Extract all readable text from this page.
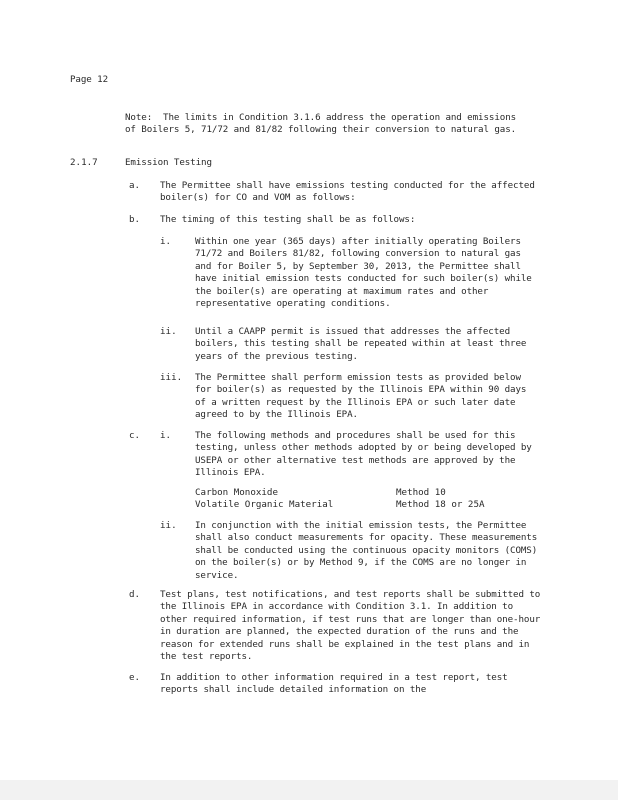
Page 12

Note:  The limits in Condition 3.1.6 address the operation and emissions of Boilers 5, 71/72 and 81/82 following their conversion to natural gas.

2.1.7	Emission Testing

a. The Permittee shall have emissions testing conducted for the affected boiler(s) for CO and VOM as follows:

b. The timing of this testing shall be as follows:

i.	Within one year (365 days) after initially operating Boilers 71/72 and Boilers 81/82, following conversion to natural gas and for Boiler 5, by September 30, 2013, the Permittee shall have initial emission tests conducted for such boiler(s) while the boiler(s) are operating at maximum rates and other representative operating conditions.

ii. Until a CAAPP permit is issued that addresses the affected boilers, this testing shall be repeated within at least three years of the previous testing.

iii. The Permittee shall perform emission tests as provided below for boiler(s) as requested by the Illinois EPA within 90 days of a written request by the Illinois EPA or such later date agreed to by the Illinois EPA.

c. i.	The following methods and procedures shall be used for this testing, unless other methods adopted by or being developed by USEPA or other alternative test methods are approved by the Illinois EPA.

Carbon Monoxide	Method 10

Volatile Organic Material	Method 18 or 25A

ii. In conjunction with the initial emission tests, the Permittee shall also conduct measurements for opacity. These measurements shall be conducted using the continuous opacity monitors (COMS) on the boiler(s) or by Method 9, if the COMS are no longer in service.

d. Test plans, test notifications, and test reports shall be submitted to the Illinois EPA in accordance with Condition 3.1. In addition to other required information, if test runs that are longer than one-hour in duration are planned, the expected duration of the runs and the reason for extended runs shall be explained in the test plans and in the test reports.

e. In addition to other information required in a test report, test reports shall include detailed information on the
